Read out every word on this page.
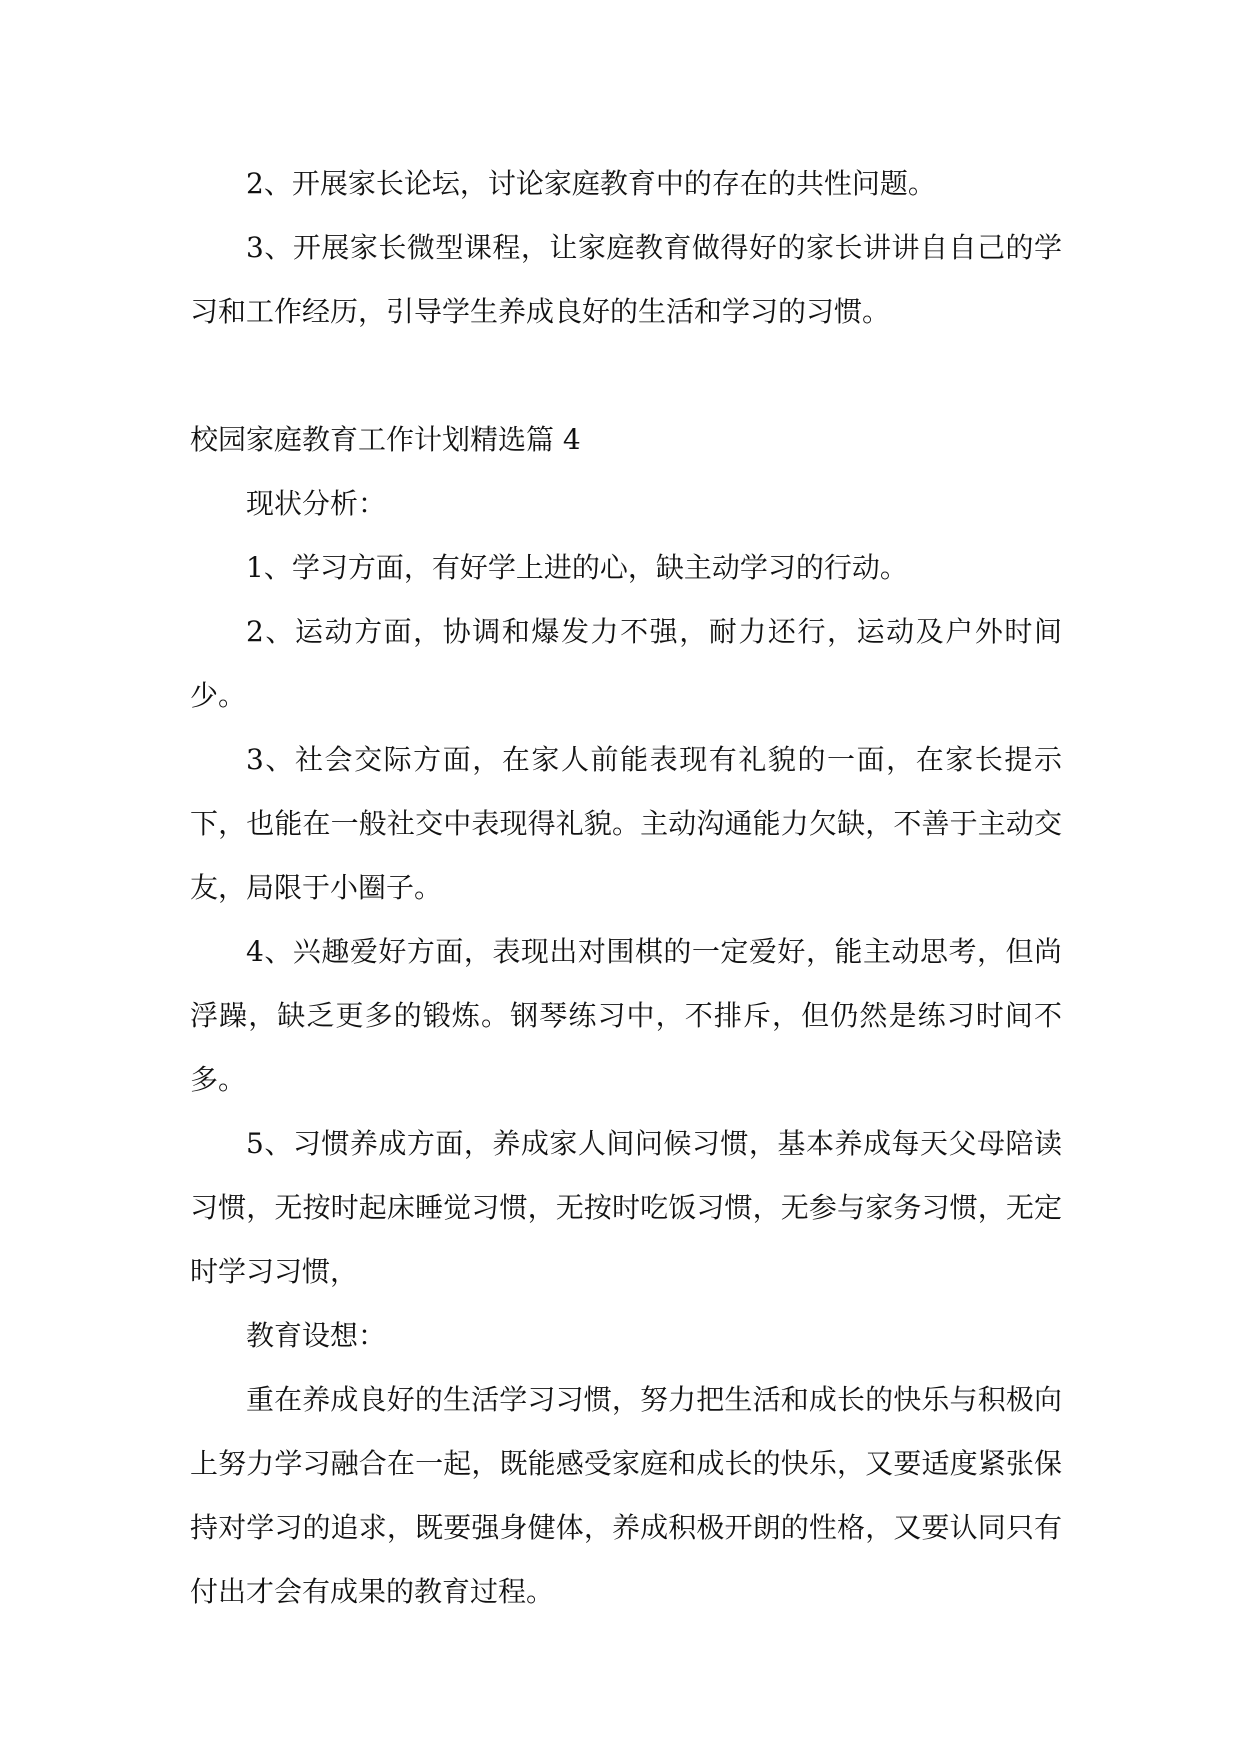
2、开展家长论坛，讨论家庭教育中的存在的共性问题。

3、开展家长微型课程，让家庭教育做得好的家长讲讲自自己的学习和工作经历，引导学生养成良好的生活和学习的习惯。

校园家庭教育工作计划精选篇 4

现状分析：

1、学习方面，有好学上进的心，缺主动学习的行动。

2、运动方面，协调和爆发力不强，耐力还行，运动及户外时间少。

3、社会交际方面，在家人前能表现有礼貌的一面，在家长提示下，也能在一般社交中表现得礼貌。主动沟通能力欠缺，不善于主动交友，局限于小圈子。

4、兴趣爱好方面，表现出对围棋的一定爱好，能主动思考，但尚浮躁，缺乏更多的锻炼。钢琴练习中，不排斥，但仍然是练习时间不多。

5、习惯养成方面，养成家人间问候习惯，基本养成每天父母陪读习惯，无按时起床睡觉习惯，无按时吃饭习惯，无参与家务习惯，无定时学习习惯，

教育设想：

重在养成良好的生活学习习惯，努力把生活和成长的快乐与积极向上努力学习融合在一起，既能感受家庭和成长的快乐，又要适度紧张保持对学习的追求，既要强身健体，养成积极开朗的性格，又要认同只有付出才会有成果的教育过程。
